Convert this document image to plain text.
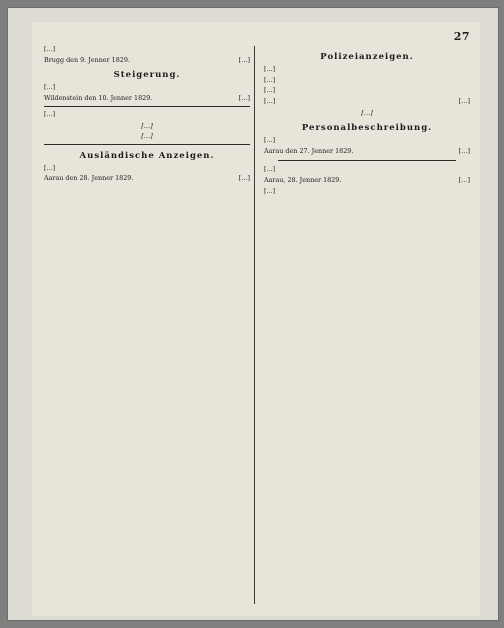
27

[…]

Brugg den 9. Jenner 1829.	[…]
Steigerung.

[…]

Wildenstein den 10. Jenner 1829.	[…]

[…]

[…]
[…]
Ausländische Anzeigen.

[…]

Aarau den 28. Jenner 1829.	[…]
Polizeianzeigen.

[…]

[…]

[…]

[…]	[…]
[…]
Personalbeschreibung.

[…]

Aarau den 27. Jenner 1829.	[…]

[…]

Aarau, 28. Jenner 1829.	[…]

[…]
